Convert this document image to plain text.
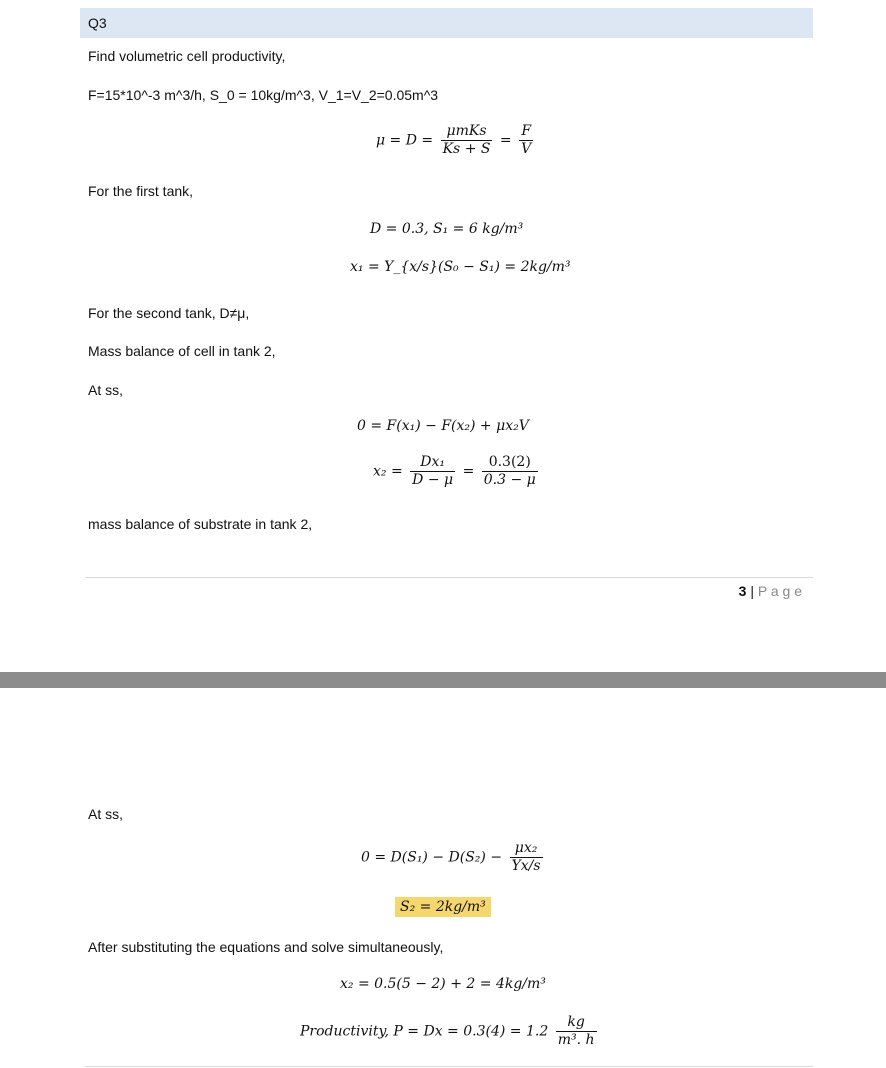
Q3
Find volumetric cell productivity,
F=15*10^-3 m^3/h, S_0 = 10kg/m^3, V_1=V_2=0.05m^3
$\mu = D = \frac{\text{μmKs}}{Ks + S} = \frac{F}{V}$
For the first tank,
D = 0.3, S₁ = 6 kg/m³
x₁ = Y_{x/s}(S₀ − S₁) = 2kg/m³
For the second tank, D≠μ,
Mass balance of cell in tank 2,
At ss,
0 = F(x₁) − F(x₂) + μx₂V
$x_2 = \frac{\text{Dx₁}}{D - \mu} = \frac{0.3(2)}{0.3 - \mu}$
mass balance of substrate in tank 2,
3 | P a g e
At ss,
$0 = D(S_1) - D(S_2) - \frac{\text{μx₂}}{Yx/s}$
S₂ = 2kg/m³
After substituting the equations and solve simultaneously,
x₂ = 0.5(5 − 2) + 2 = 4kg/m³
Productivity, $P = Dx = 0.3(4) = 1.2 \frac{kg}{\text{m³. h}}$
